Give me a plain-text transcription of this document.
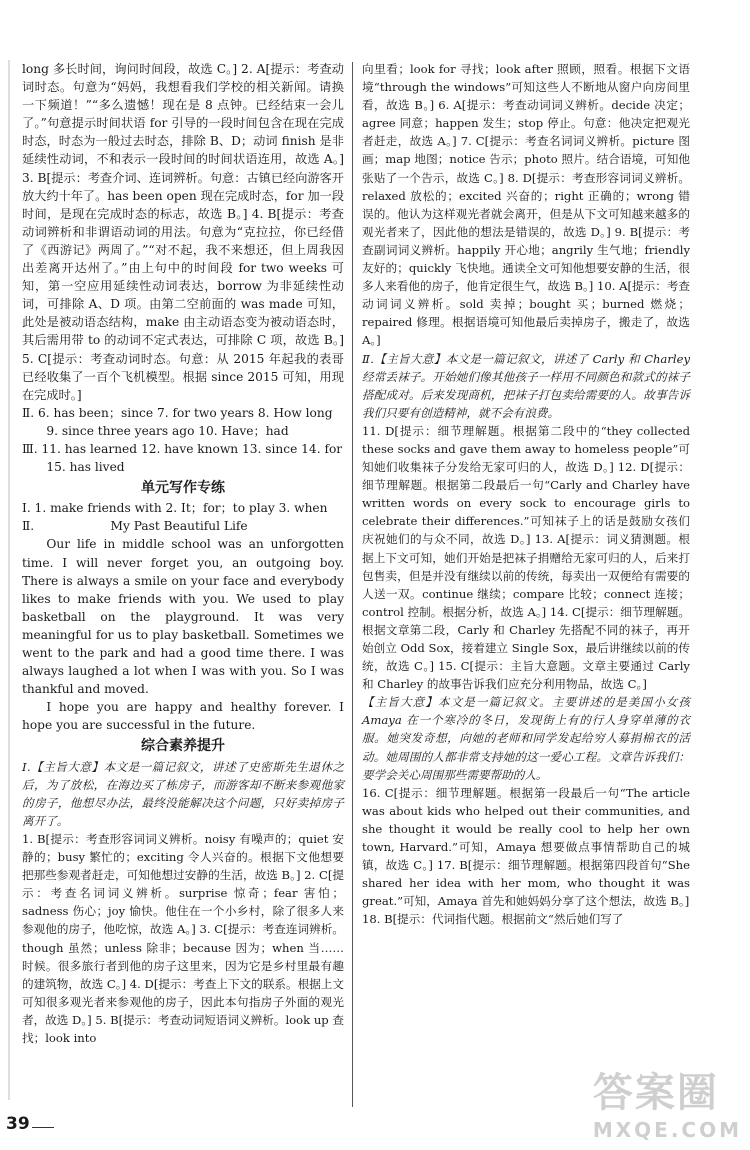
long 多长时间，询问时间段，故选 C。] 2. A[提示：考查动词时态。句意为“妈妈，我想看我们学校的相关新闻。请换一下频道！”“多么遗憾！现在是 8 点钟。已经结束一会儿了。”句意提示时间状语 for 引导的一段时间包含在现在完成时态，时态为一般过去时态，排除 B、D；动词 finish 是非延续性动词，不和表示一段时间的时间状语连用，故选 A。] 3. B[提示：考查介词、连词辨析。句意：古镇已经向游客开放大约十年了。has been open 现在完成时态，for 加一段时间，是现在完成时态的标志，故选 B。] 4. B[提示：考查动词辨析和非谓语动词的用法。句意为“克拉拉，你已经借了《西游记》两周了。”“对不起，我不来想还，但上周我因出差离开达州了。”由上句中的时间段 for two weeks 可知，第一空应用延续性动词表达，borrow 为非延续性动词，可排除 A、D 项。由第二空前面的 was made 可知，此处是被动语态结构，make 由主动语态变为被动语态时，其后需用带 to 的动词不定式表达，可排除 C 项，故选 B。] 5. C[提示：考查动词时态。句意：从 2015 年起我的表哥已经收集了一百个飞机模型。根据 since 2015 可知，用现在完成时。]

Ⅱ. 6. has been；since 7. for two years 8. How long

9. since three years ago 10. Have；had

Ⅲ. 11. has learned 12. have known 13. since 14. for

15. has lived

单元写作专练

Ⅰ. 1. make friends with 2. It；for；to play 3. when

Ⅱ.	My Past Beautiful Life

Our life in middle school was an unforgotten time. I will never forget you, an outgoing boy. There is always a smile on your face and everybody likes to make friends with you. We used to play basketball on the playground. It was very meaningful for us to play basketball. Sometimes we went to the park and had a good time there. I was always laughed a lot when I was with you. So I was thankful and moved.

I hope you are happy and healthy forever. I hope you are successful in the future.

综合素养提升

Ⅰ.【主旨大意】本文是一篇记叙文，讲述了史密斯先生退休之后，为了放松，在海边买了栋房子，而游客却不断来参观他家的房子，他想尽办法，最终没能解决这个问题，只好卖掉房子离开了。

1. B[提示：考查形容词词义辨析。noisy 有噪声的；quiet 安静的；busy 繁忙的；exciting 令人兴奋的。根据下文他想要把那些参观者赶走，可知他想过安静的生活，故选 B。] 2. C[提示：考查名词词义辨析。surprise 惊奇；fear 害怕；sadness 伤心；joy 愉快。他住在一个小乡村，除了很多人来参观他的房子，他吃惊，故选 A。] 3. C[提示：考查连词辨析。though 虽然；unless 除非；because 因为；when 当……时候。很多旅行者到他的房子这里来，因为它是乡村里最有趣的建筑物，故选 C。] 4. D[提示：考查上下文的联系。根据上文可知很多观光者来参观他的房子，因此本句指房子外面的观光者，故选 D。] 5. B[提示：考查动词短语词义辨析。look up 查找；look into

向里看；look for 寻找；look after 照顾，照看。根据下文语境“through the windows”可知这些人不断地从窗户向房间里看，故选 B。] 6. A[提示：考查动词词义辨析。decide 决定；agree 同意；happen 发生；stop 停止。句意：他决定把观光者赶走，故选 A。] 7. C[提示：考查名词词义辨析。picture 图画；map 地图；notice 告示；photo 照片。结合语境，可知他张贴了一个告示，故选 C。] 8. D[提示：考查形容词词义辨析。relaxed 放松的；excited 兴奋的；right 正确的；wrong 错误的。他认为这样观光者就会离开，但是从下文可知越来越多的观光者来了，因此他的想法是错误的，故选 D。] 9. B[提示：考查副词词义辨析。happily 开心地；angrily 生气地；friendly 友好的；quickly 飞快地。通读全文可知他想要安静的生活，很多人来看他的房子，他肯定很生气，故选 B。] 10. A[提示：考查动词词义辨析。sold 卖掉；bought 买；burned 燃烧；repaired 修理。根据语境可知他最后卖掉房子，搬走了，故选 A。]

Ⅱ.【主旨大意】本文是一篇记叙文，讲述了 Carly 和 Charley 经常丢袜子。开始她们像其他孩子一样用不同颜色和款式的袜子搭配成对。后来发现商机，把袜子打包卖给需要的人。故事告诉我们只要有创造精神，就不会有浪费。

11. D[提示：细节理解题。根据第二段中的“they collected these socks and gave them away to homeless people”可知她们收集袜子分发给无家可归的人，故选 D。] 12. D[提示：细节理解题。根据第二段最后一句“Carly and Charley have written words on every sock to encourage girls to celebrate their differences.”可知袜子上的话是鼓励女孩们庆祝她们的与众不同，故选 D。] 13. A[提示：词义猜测题。根据上下文可知，她们开始是把袜子捐赠给无家可归的人，后来打包售卖，但是并没有继续以前的传统，每卖出一双便给有需要的人送一双。continue 继续；compare 比较；connect 连接；control 控制。根据分析，故选 A。] 14. C[提示：细节理解题。根据文章第二段，Carly 和 Charley 先搭配不同的袜子，再开始创立 Odd Sox，接着建立 Single Sox，最后讲继续以前的传统，故选 C。] 15. C[提示：主旨大意题。文章主要通过 Carly 和 Charley 的故事告诉我们应充分利用物品，故选 C。]

【主旨大意】本文是一篇记叙文。主要讲述的是美国小女孩 Amaya 在一个寒冷的冬日，发现街上有的行人身穿单薄的衣服。她突发奇想，向她的老师和同学发起给穷人募捐棉衣的活动。她周围的人都非常支持她的这一爱心工程。文章告诉我们：要学会关心周围那些需要帮助的人。

16. C[提示：细节理解题。根据第一段最后一句“The article was about kids who helped out their communities, and she thought it would be really cool to help her own town, Harvard.”可知，Amaya 想要做点事情帮助自己的城镇，故选 C。] 17. B[提示：细节理解题。根据第四段首句“She shared her idea with her mom, who thought it was great.”可知，Amaya 首先和她妈妈分享了这个想法，故选 B。]

18. B[提示：代词指代题。根据前文“然后她们写了

39
答案圈
MXQE.COM
